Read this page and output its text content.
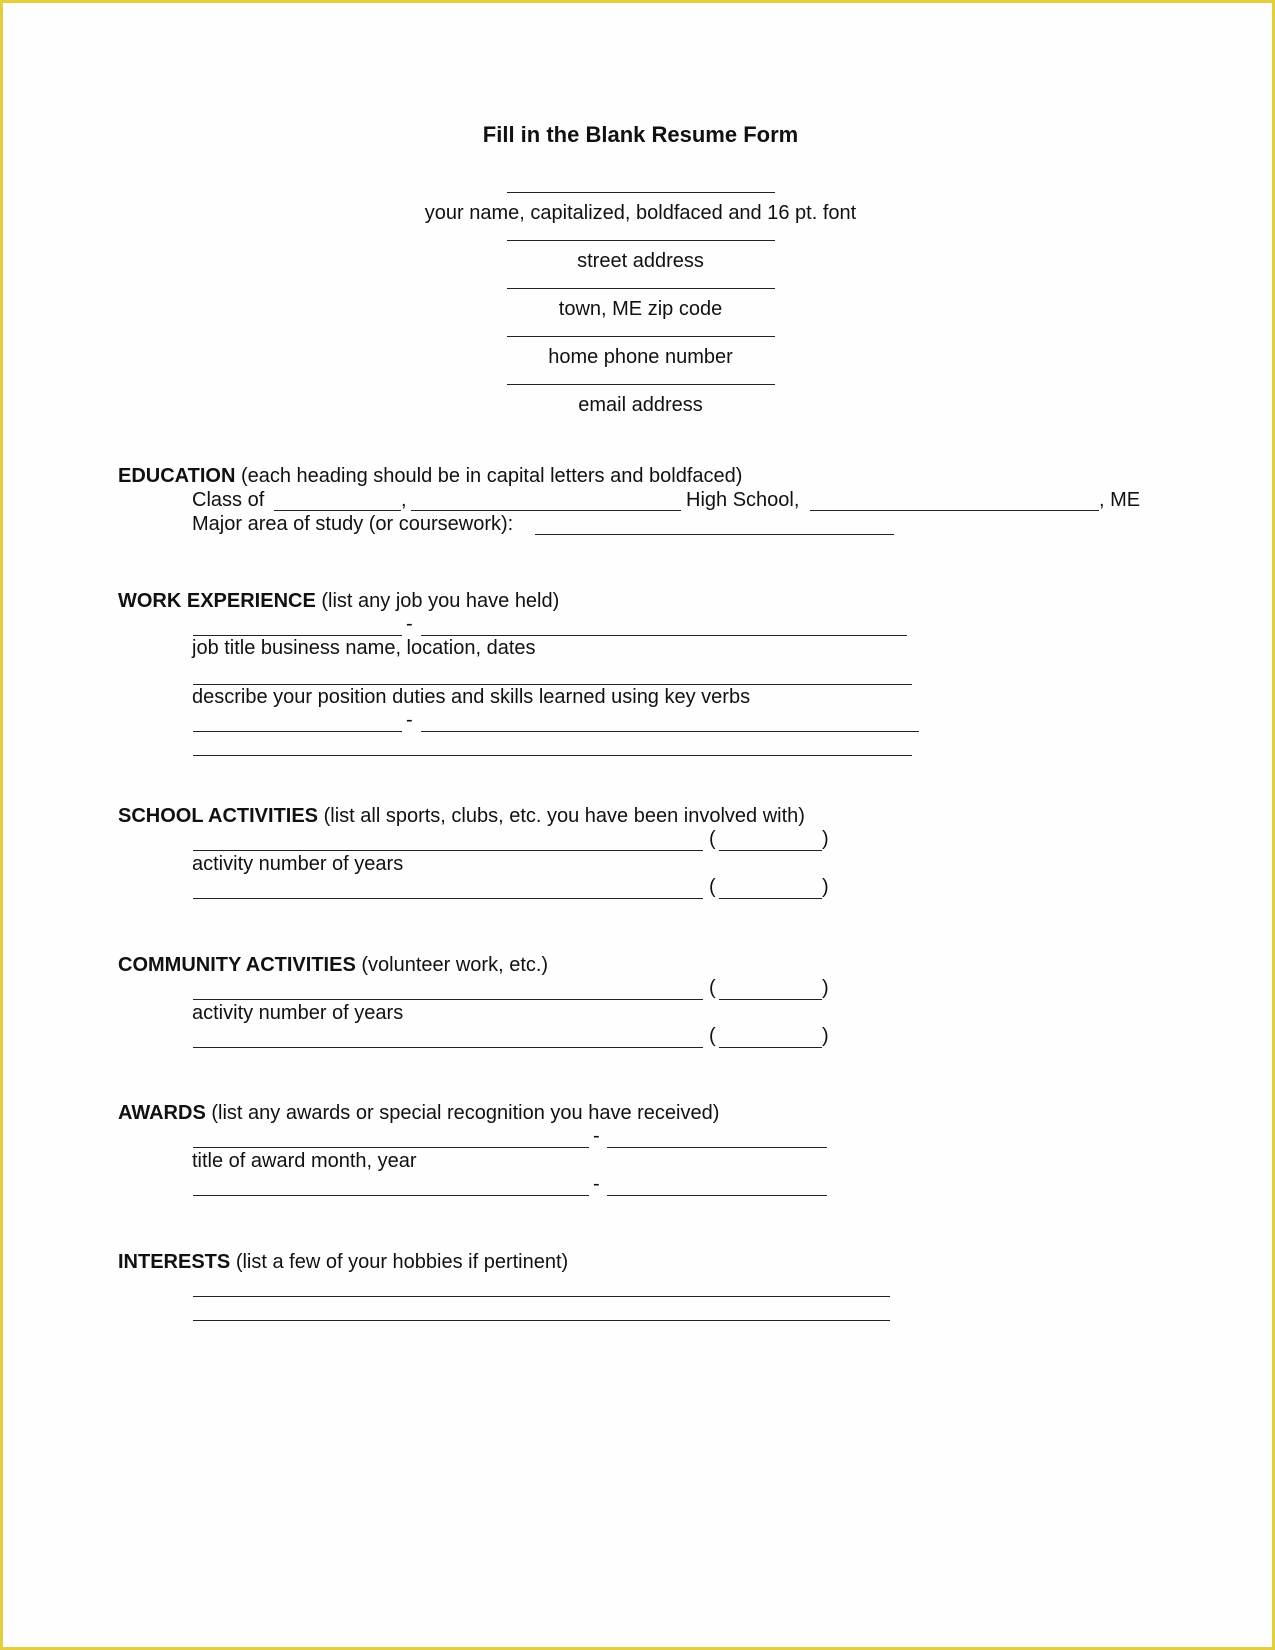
Fill in the Blank Resume Form
your name, capitalized, boldfaced and 16 pt. font
street address
town, ME zip code
home phone number
email address
EDUCATION (each heading should be in capital letters and boldfaced)
Class of	,	High School,	, ME
Major area of study (or coursework):
WORK EXPERIENCE (list any job you have held)
-
job title business name, location, dates
describe your position duties and skills learned using key verbs
-
SCHOOL ACTIVITIES (list all sports, clubs, etc. you have been involved with)
(	)
activity number of years
(	)
COMMUNITY ACTIVITIES (volunteer work, etc.)
(	)
activity number of years
(	)
AWARDS (list any awards or special recognition you have received)
-
title of award month, year
-
INTERESTS (list a few of your hobbies if pertinent)
